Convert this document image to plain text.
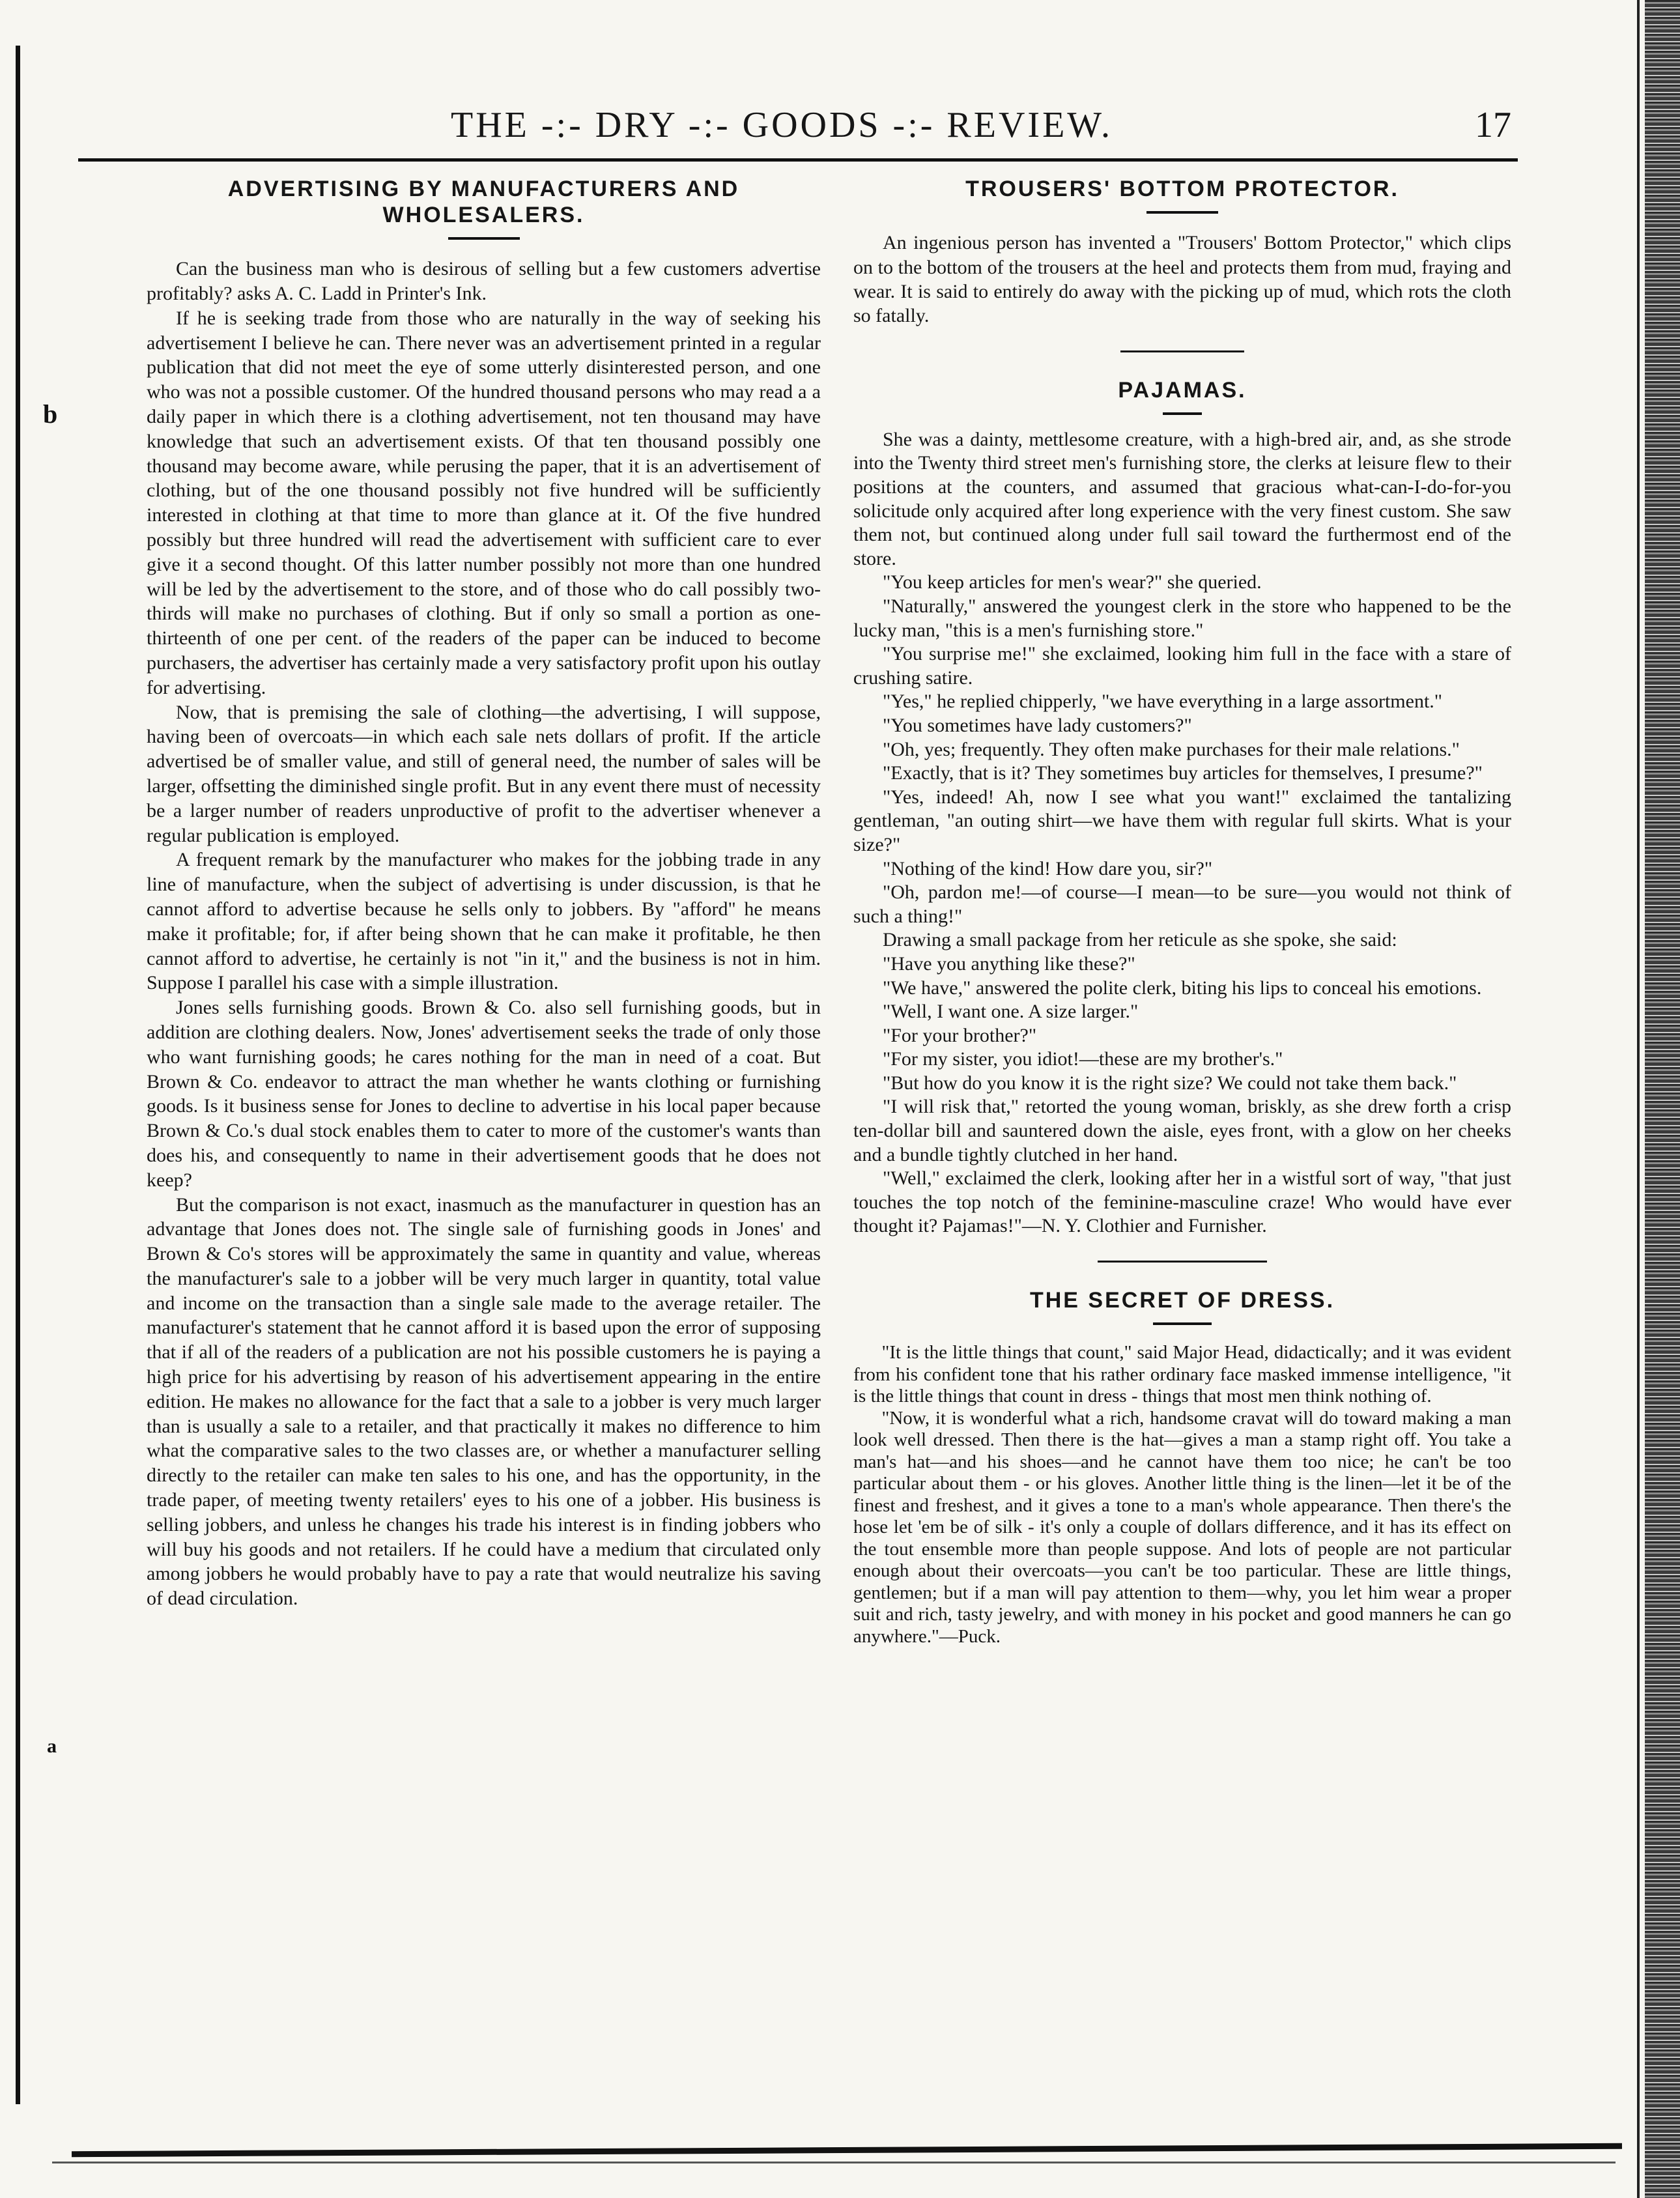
b
a
THE -:- DRY -:- GOODS -:- REVIEW.	17
ADVERTISING BY MANUFACTURERS AND WHOLESALERS.

Can the business man who is desirous of selling but a few customers advertise profitably? asks A. C. Ladd in Printer's Ink.

If he is seeking trade from those who are naturally in the way of seeking his advertisement I believe he can. There never was an advertisement printed in a regular publication that did not meet the eye of some utterly disinterested person, and one who was not a possible customer. Of the hundred thousand persons who may read a a daily paper in which there is a clothing advertisement, not ten thousand may have knowledge that such an advertisement exists. Of that ten thousand possibly one thousand may become aware, while perusing the paper, that it is an advertisement of clothing, but of the one thousand possibly not five hundred will be sufficiently interested in clothing at that time to more than glance at it. Of the five hundred possibly but three hundred will read the advertisement with sufficient care to ever give it a second thought. Of this latter number possibly not more than one hundred will be led by the advertisement to the store, and of those who do call possibly two-thirds will make no purchases of clothing. But if only so small a portion as one-thirteenth of one per cent. of the readers of the paper can be induced to become purchasers, the advertiser has certainly made a very satisfactory profit upon his outlay for advertising.

Now, that is premising the sale of clothing—the advertising, I will suppose, having been of overcoats—in which each sale nets dollars of profit. If the article advertised be of smaller value, and still of general need, the number of sales will be larger, offsetting the diminished single profit. But in any event there must of necessity be a larger number of readers unproductive of profit to the advertiser whenever a regular publication is employed.

A frequent remark by the manufacturer who makes for the jobbing trade in any line of manufacture, when the subject of advertising is under discussion, is that he cannot afford to advertise because he sells only to jobbers. By "afford" he means make it profitable; for, if after being shown that he can make it profitable, he then cannot afford to advertise, he certainly is not "in it," and the business is not in him. Suppose I parallel his case with a simple illustration.

Jones sells furnishing goods. Brown & Co. also sell furnishing goods, but in addition are clothing dealers. Now, Jones' advertisement seeks the trade of only those who want furnishing goods; he cares nothing for the man in need of a coat. But Brown & Co. endeavor to attract the man whether he wants clothing or furnishing goods. Is it business sense for Jones to decline to advertise in his local paper because Brown & Co.'s dual stock enables them to cater to more of the customer's wants than does his, and consequently to name in their advertisement goods that he does not keep?

But the comparison is not exact, inasmuch as the manufacturer in question has an advantage that Jones does not. The single sale of furnishing goods in Jones' and Brown & Co's stores will be approximately the same in quantity and value, whereas the manufacturer's sale to a jobber will be very much larger in quantity, total value and income on the transaction than a single sale made to the average retailer. The manufacturer's statement that he cannot afford it is based upon the error of supposing that if all of the readers of a publication are not his possible customers he is paying a high price for his advertising by reason of his advertisement appearing in the entire edition. He makes no allowance for the fact that a sale to a jobber is very much larger than is usually a sale to a retailer, and that practically it makes no difference to him what the comparative sales to the two classes are, or whether a manufacturer selling directly to the retailer can make ten sales to his one, and has the opportunity, in the trade paper, of meeting twenty retailers' eyes to his one of a jobber. His business is selling jobbers, and unless he changes his trade his interest is in finding jobbers who will buy his goods and not retailers. If he could have a medium that circulated only among jobbers he would probably have to pay a rate that would neutralize his saving of dead circulation.

TROUSERS' BOTTOM PROTECTOR.

An ingenious person has invented a "Trousers' Bottom Protector," which clips on to the bottom of the trousers at the heel and protects them from mud, fraying and wear. It is said to entirely do away with the picking up of mud, which rots the cloth so fatally.

PAJAMAS.

She was a dainty, mettlesome creature, with a high-bred air, and, as she strode into the Twenty third street men's furnishing store, the clerks at leisure flew to their positions at the counters, and assumed that gracious what-can-I-do-for-you solicitude only acquired after long experience with the very finest custom. She saw them not, but continued along under full sail toward the furthermost end of the store.

"You keep articles for men's wear?" she queried.

"Naturally," answered the youngest clerk in the store who happened to be the lucky man, "this is a men's furnishing store."

"You surprise me!" she exclaimed, looking him full in the face with a stare of crushing satire.

"Yes," he replied chipperly, "we have everything in a large assortment."

"You sometimes have lady customers?"

"Oh, yes; frequently. They often make purchases for their male relations."

"Exactly, that is it? They sometimes buy articles for themselves, I presume?"

"Yes, indeed! Ah, now I see what you want!" exclaimed the tantalizing gentleman, "an outing shirt—we have them with regular full skirts. What is your size?"

"Nothing of the kind! How dare you, sir?"

"Oh, pardon me!—of course—I mean—to be sure—you would not think of such a thing!"

Drawing a small package from her reticule as she spoke, she said:

"Have you anything like these?"

"We have," answered the polite clerk, biting his lips to conceal his emotions.

"Well, I want one. A size larger."

"For your brother?"

"For my sister, you idiot!—these are my brother's."

"But how do you know it is the right size? We could not take them back."

"I will risk that," retorted the young woman, briskly, as she drew forth a crisp ten-dollar bill and sauntered down the aisle, eyes front, with a glow on her cheeks and a bundle tightly clutched in her hand.

"Well," exclaimed the clerk, looking after her in a wistful sort of way, "that just touches the top notch of the feminine-masculine craze! Who would have ever thought it? Pajamas!"—N. Y. Clothier and Furnisher.

THE SECRET OF DRESS.

"It is the little things that count," said Major Head, didactically; and it was evident from his confident tone that his rather ordinary face masked immense intelligence, "it is the little things that count in dress - things that most men think nothing of.

"Now, it is wonderful what a rich, handsome cravat will do toward making a man look well dressed. Then there is the hat—gives a man a stamp right off. You take a man's hat—and his shoes—and he cannot have them too nice; he can't be too particular about them - or his gloves. Another little thing is the linen—let it be of the finest and freshest, and it gives a tone to a man's whole appearance. Then there's the hose let 'em be of silk - it's only a couple of dollars difference, and it has its effect on the tout ensemble more than people suppose. And lots of people are not particular enough about their overcoats—you can't be too particular. These are little things, gentlemen; but if a man will pay attention to them—why, you let him wear a proper suit and rich, tasty jewelry, and with money in his pocket and good manners he can go anywhere."—Puck.
